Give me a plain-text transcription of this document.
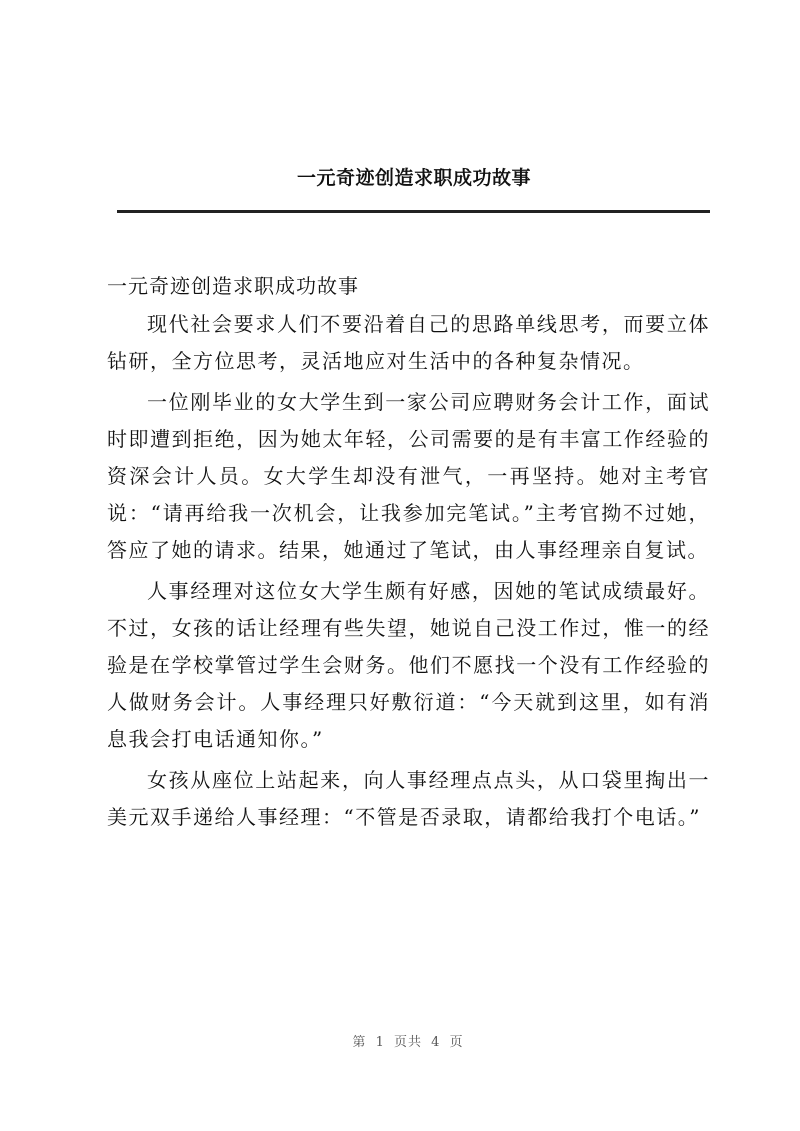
一元奇迹创造求职成功故事
一元奇迹创造求职成功故事

现代社会要求人们不要沿着自己的思路单线思考，而要立体钻研，全方位思考，灵活地应对生活中的各种复杂情况。

一位刚毕业的女大学生到一家公司应聘财务会计工作，面试时即遭到拒绝，因为她太年轻，公司需要的是有丰富工作经验的资深会计人员。女大学生却没有泄气，一再坚持。她对主考官说：“请再给我一次机会，让我参加完笔试。”主考官拗不过她，答应了她的请求。结果，她通过了笔试，由人事经理亲自复试。

人事经理对这位女大学生颇有好感，因她的笔试成绩最好。不过，女孩的话让经理有些失望，她说自己没工作过，惟一的经验是在学校掌管过学生会财务。他们不愿找一个没有工作经验的人做财务会计。人事经理只好敷衍道：“今天就到这里，如有消息我会打电话通知你。”

女孩从座位上站起来，向人事经理点点头，从口袋里掏出一美元双手递给人事经理：“不管是否录取，请都给我打个电话。”

第 1 页共 4 页
